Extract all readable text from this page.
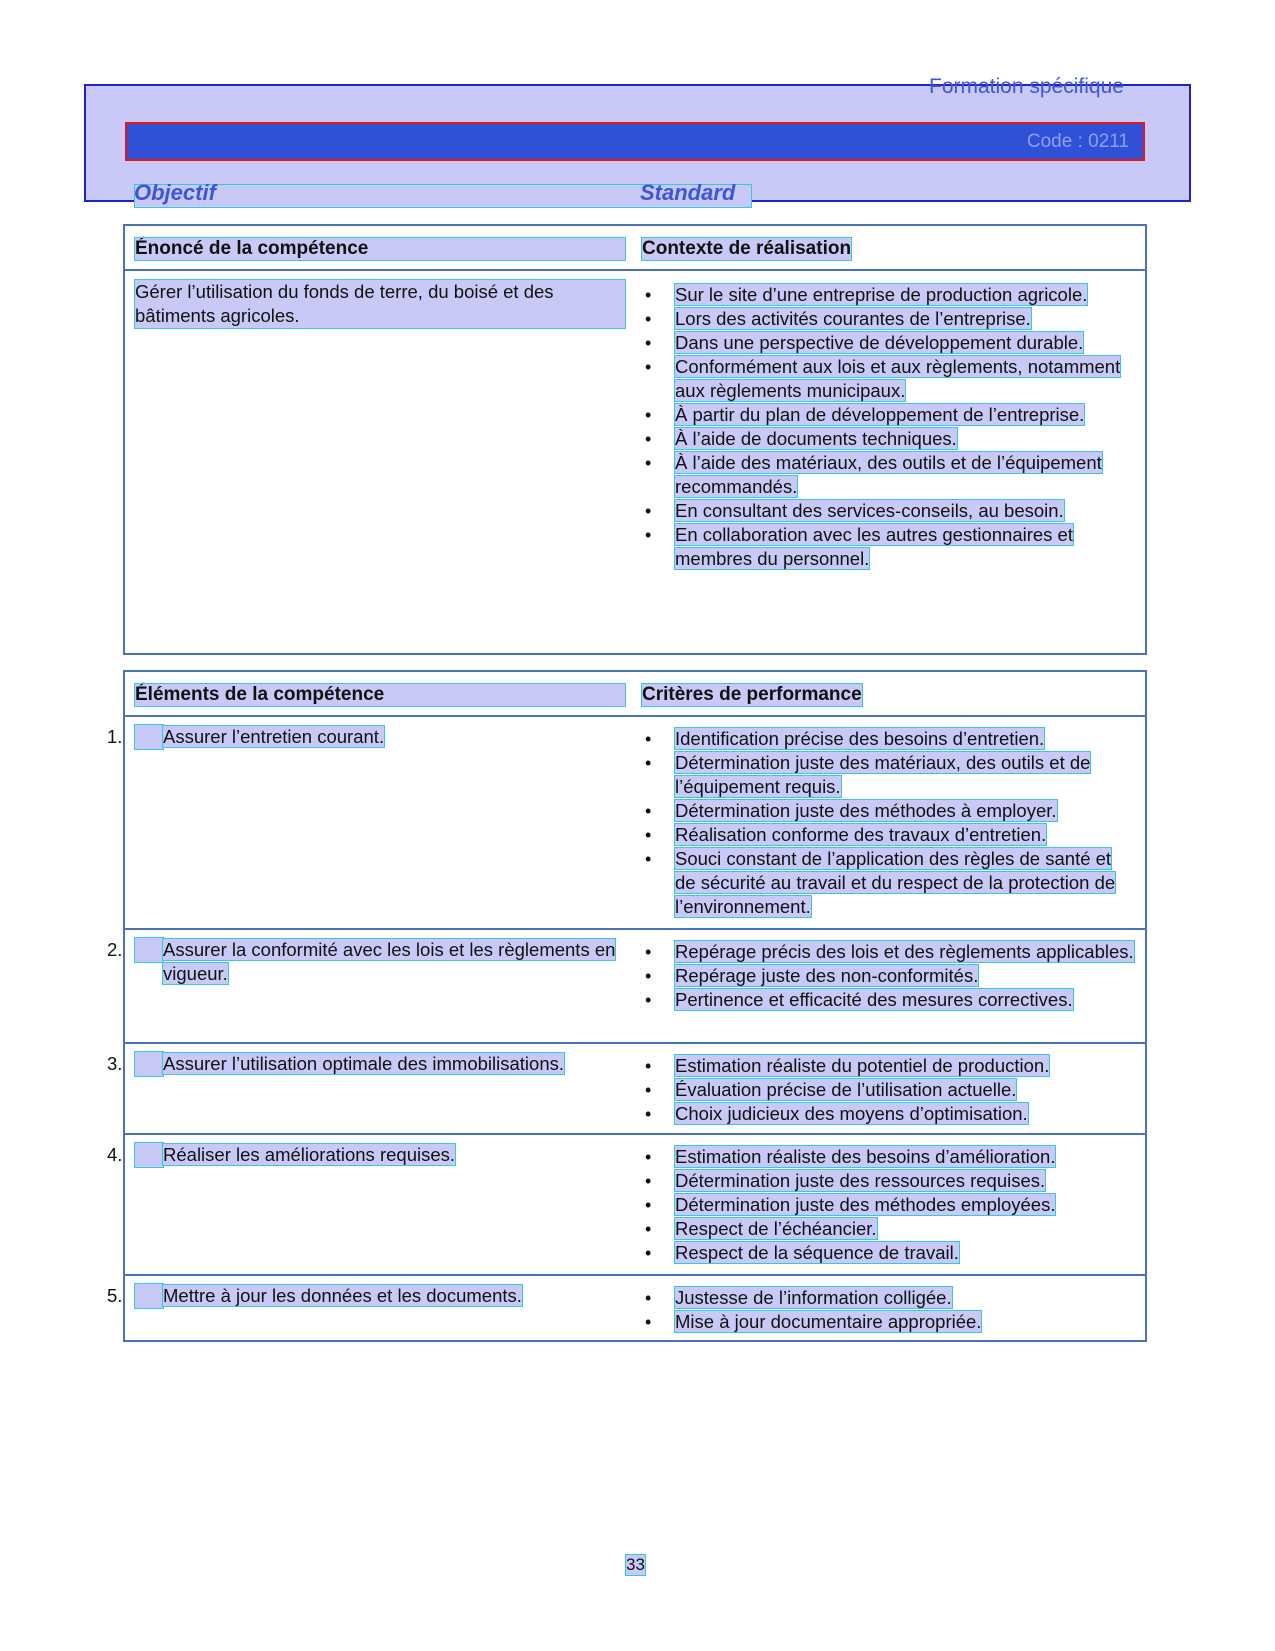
Formation spécifique
Code : 0211
Objectif	Standard
Énoncé de la compétence	Contexte de réalisation

Gérer l’utilisation du fonds de terre, du boisé et des bâtiments agricoles.

• Sur le site d’une entreprise de production agricole.
• Lors des activités courantes de l’entreprise.
• Dans une perspective de développement durable.
• Conformément aux lois et aux règlements, notamment aux règlements municipaux.
• À partir du plan de développement de l’entreprise.
• À l’aide de documents techniques.
• À l’aide des matériaux, des outils et de l’équipement recommandés.
• En consultant des services-conseils, au besoin.
• En collaboration avec les autres gestionnaires et membres du personnel.
Éléments de la compétence	Critères de performance
1. Assurer l’entretien courant.	• Identification précise des besoins d’entretien.
• Détermination juste des matériaux, des outils et de l’équipement requis.
• Détermination juste des méthodes à employer.
• Réalisation conforme des travaux d’entretien.
• Souci constant de l’application des règles de santé et de sécurité au travail et du respect de la protection de l’environnement.
2. Assurer la conformité avec les lois et les règlements en vigueur.
• Repérage précis des lois et des règlements applicables.
• Repérage juste des non-conformités.
• Pertinence et efficacité des mesures correctives.
3. Assurer l’utilisation optimale des immobilisations.	• Estimation réaliste du potentiel de production.
• Évaluation précise de l’utilisation actuelle.
• Choix judicieux des moyens d’optimisation.
4. Réaliser les améliorations requises.	• Estimation réaliste des besoins d’amélioration.
• Détermination juste des ressources requises.
• Détermination juste des méthodes employées.
• Respect de l’échéancier.
• Respect de la séquence de travail.
5. Mettre à jour les données et les documents.	• Justesse de l’information colligée.
• Mise à jour documentaire appropriée.
33
